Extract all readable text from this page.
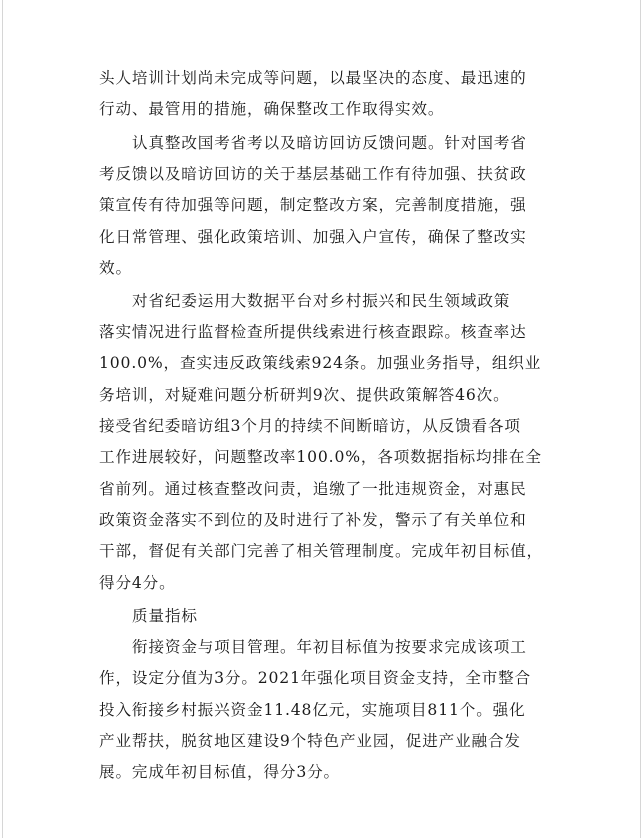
头人培训计划尚未完成等问题，以最坚决的态度、最迅速的

行动、最管用的措施，确保整改工作取得实效。

认真整改国考省考以及暗访回访反馈问题。针对国考省

考反馈以及暗访回访的关于基层基础工作有待加强、扶贫政

策宣传有待加强等问题，制定整改方案，完善制度措施，强

化日常管理、强化政策培训、加强入户宣传，确保了整改实

效。

对省纪委运用大数据平台对乡村振兴和民生领域政策

落实情况进行监督检查所提供线索进行核查跟踪。核查率达

100.0%，查实违反政策线索924条。加强业务指导，组织业

务培训，对疑难问题分析研判9次、提供政策解答46次。

接受省纪委暗访组3个月的持续不间断暗访，从反馈看各项

工作进展较好，问题整改率100.0%，各项数据指标均排在全

省前列。通过核查整改问责，追缴了一批违规资金，对惠民

政策资金落实不到位的及时进行了补发，警示了有关单位和

干部，督促有关部门完善了相关管理制度。完成年初目标值，

得分4分。

质量指标

衔接资金与项目管理。年初目标值为按要求完成该项工

作，设定分值为3分。2021年强化项目资金支持，全市整合

投入衔接乡村振兴资金11.48亿元，实施项目811个。强化

产业帮扶，脱贫地区建设9个特色产业园，促进产业融合发

展。完成年初目标值，得分3分。
